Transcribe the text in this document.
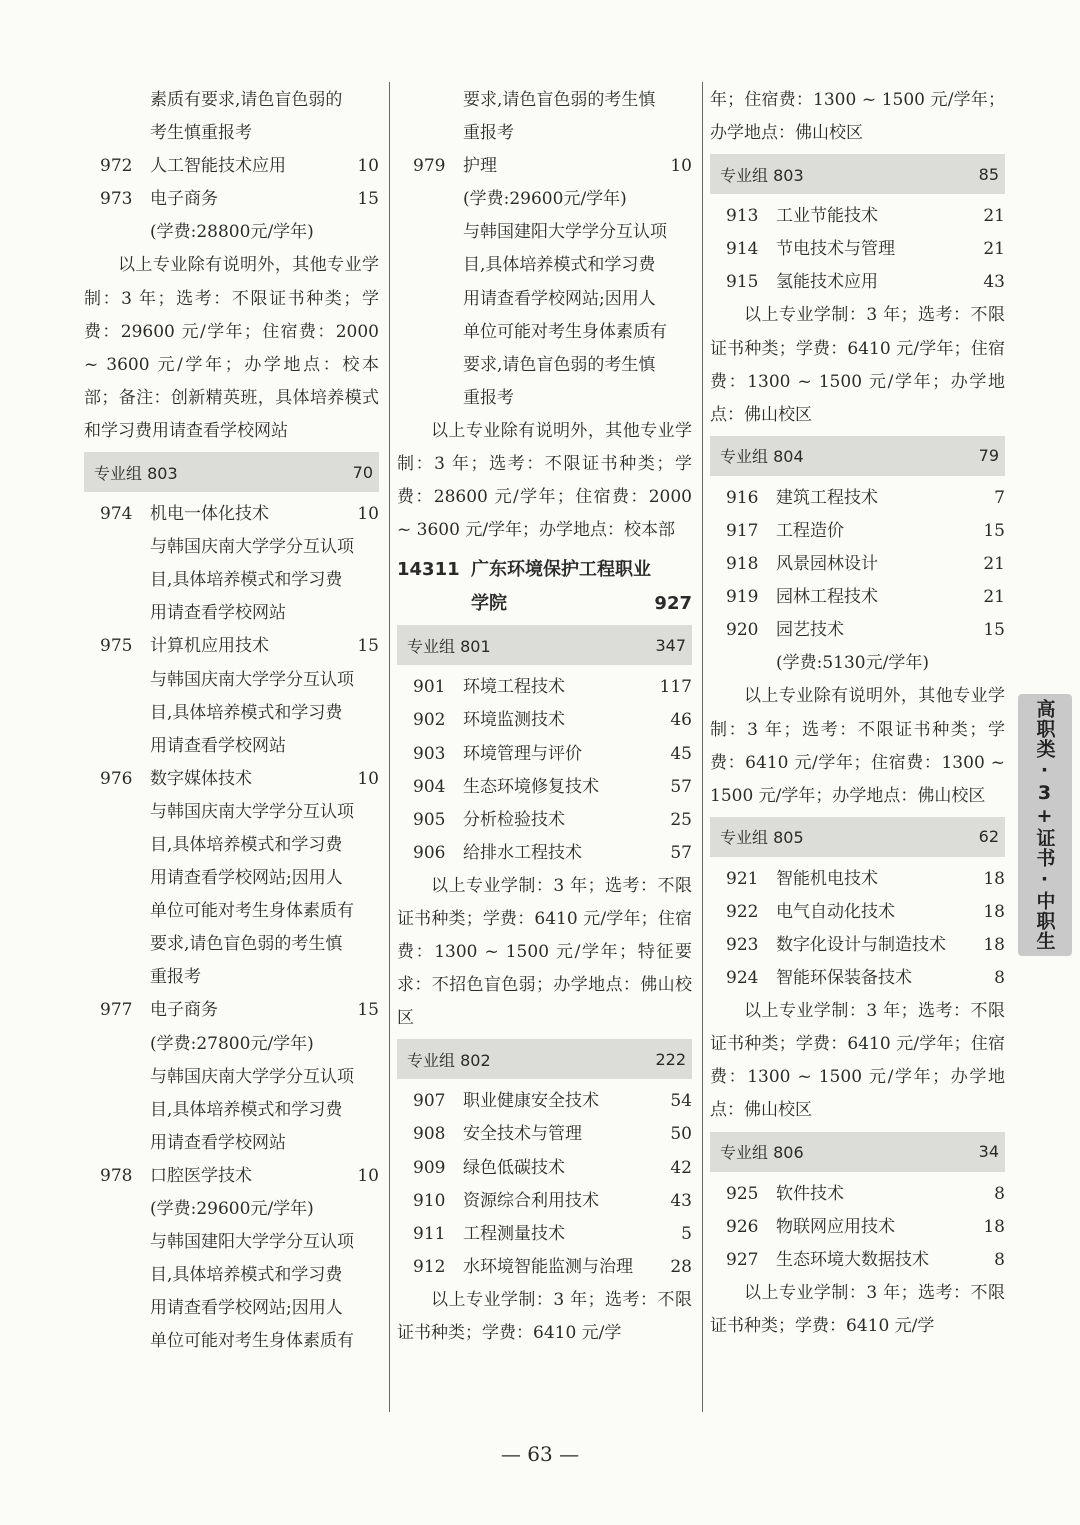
素质有要求,请色盲色弱的
考生慎重报考
972	人工智能技术应用	10
973	电子商务	15
(学费:28800元/学年)

以上专业除有说明外，其他专业学制：3 年；选考：不限证书种类；学费：29600 元/学年；住宿费：2000 ~ 3600 元/学年；办学地点：校本部；备注：创新精英班，具体培养模式和学习费用请查看学校网站

专业组 803	70
974	机电一体化技术	10
与韩国庆南大学学分互认项
目,具体培养模式和学习费
用请查看学校网站
975	计算机应用技术	15
与韩国庆南大学学分互认项
目,具体培养模式和学习费
用请查看学校网站
976	数字媒体技术	10
与韩国庆南大学学分互认项
目,具体培养模式和学习费
用请查看学校网站;因用人
单位可能对考生身体素质有
要求,请色盲色弱的考生慎
重报考
977	电子商务	15
(学费:27800元/学年)
与韩国庆南大学学分互认项
目,具体培养模式和学习费
用请查看学校网站
978	口腔医学技术	10
(学费:29600元/学年)
与韩国建阳大学学分互认项
目,具体培养模式和学习费
用请查看学校网站;因用人
单位可能对考生身体素质有
要求,请色盲色弱的考生慎
重报考
979	护理	10
(学费:29600元/学年)
与韩国建阳大学学分互认项
目,具体培养模式和学习费
用请查看学校网站;因用人
单位可能对考生身体素质有
要求,请色盲色弱的考生慎
重报考

以上专业除有说明外，其他专业学制：3 年；选考：不限证书种类；学费：28600 元/学年；住宿费：2000 ~ 3600 元/学年；办学地点：校本部

14311 广东环境保护工程职业学院	927
专业组 801	347
901	环境工程技术	117
902	环境监测技术	46
903	环境管理与评价	45
904	生态环境修复技术	57
905	分析检验技术	25
906	给排水工程技术	57

以上专业学制：3 年；选考：不限证书种类；学费：6410 元/学年；住宿费：1300 ~ 1500 元/学年；特征要求：不招色盲色弱；办学地点：佛山校区

专业组 802	222
907	职业健康安全技术	54
908	安全技术与管理	50
909	绿色低碳技术	42
910	资源综合利用技术	43
911	工程测量技术	5
912	水环境智能监测与治理	28

以上专业学制：3 年；选考：不限证书种类；学费：6410 元/学

年；住宿费：1300 ~ 1500 元/学年；办学地点：佛山校区

专业组 803	85
913	工业节能技术	21
914	节电技术与管理	21
915	氢能技术应用	43

以上专业学制：3 年；选考：不限证书种类；学费：6410 元/学年；住宿费：1300 ~ 1500 元/学年；办学地点：佛山校区

专业组 804	79
916	建筑工程技术	7
917	工程造价	15
918	风景园林设计	21
919	园林工程技术	21
920	园艺技术	15
(学费:5130元/学年)

以上专业除有说明外，其他专业学制：3 年；选考：不限证书种类；学费：6410 元/学年；住宿费：1300 ~ 1500 元/学年；办学地点：佛山校区

专业组 805	62
921	智能机电技术	18
922	电气自动化技术	18
923	数字化设计与制造技术	18
924	智能环保装备技术	8

以上专业学制：3 年；选考：不限证书种类；学费：6410 元/学年；住宿费：1300 ~ 1500 元/学年；办学地点：佛山校区

专业组 806	34
925	软件技术	8
926	物联网应用技术	18
927	生态环境大数据技术	8

以上专业学制：3 年；选考：不限证书种类；学费：6410 元/学

高职类·3+证书·中职生
— 63 —
